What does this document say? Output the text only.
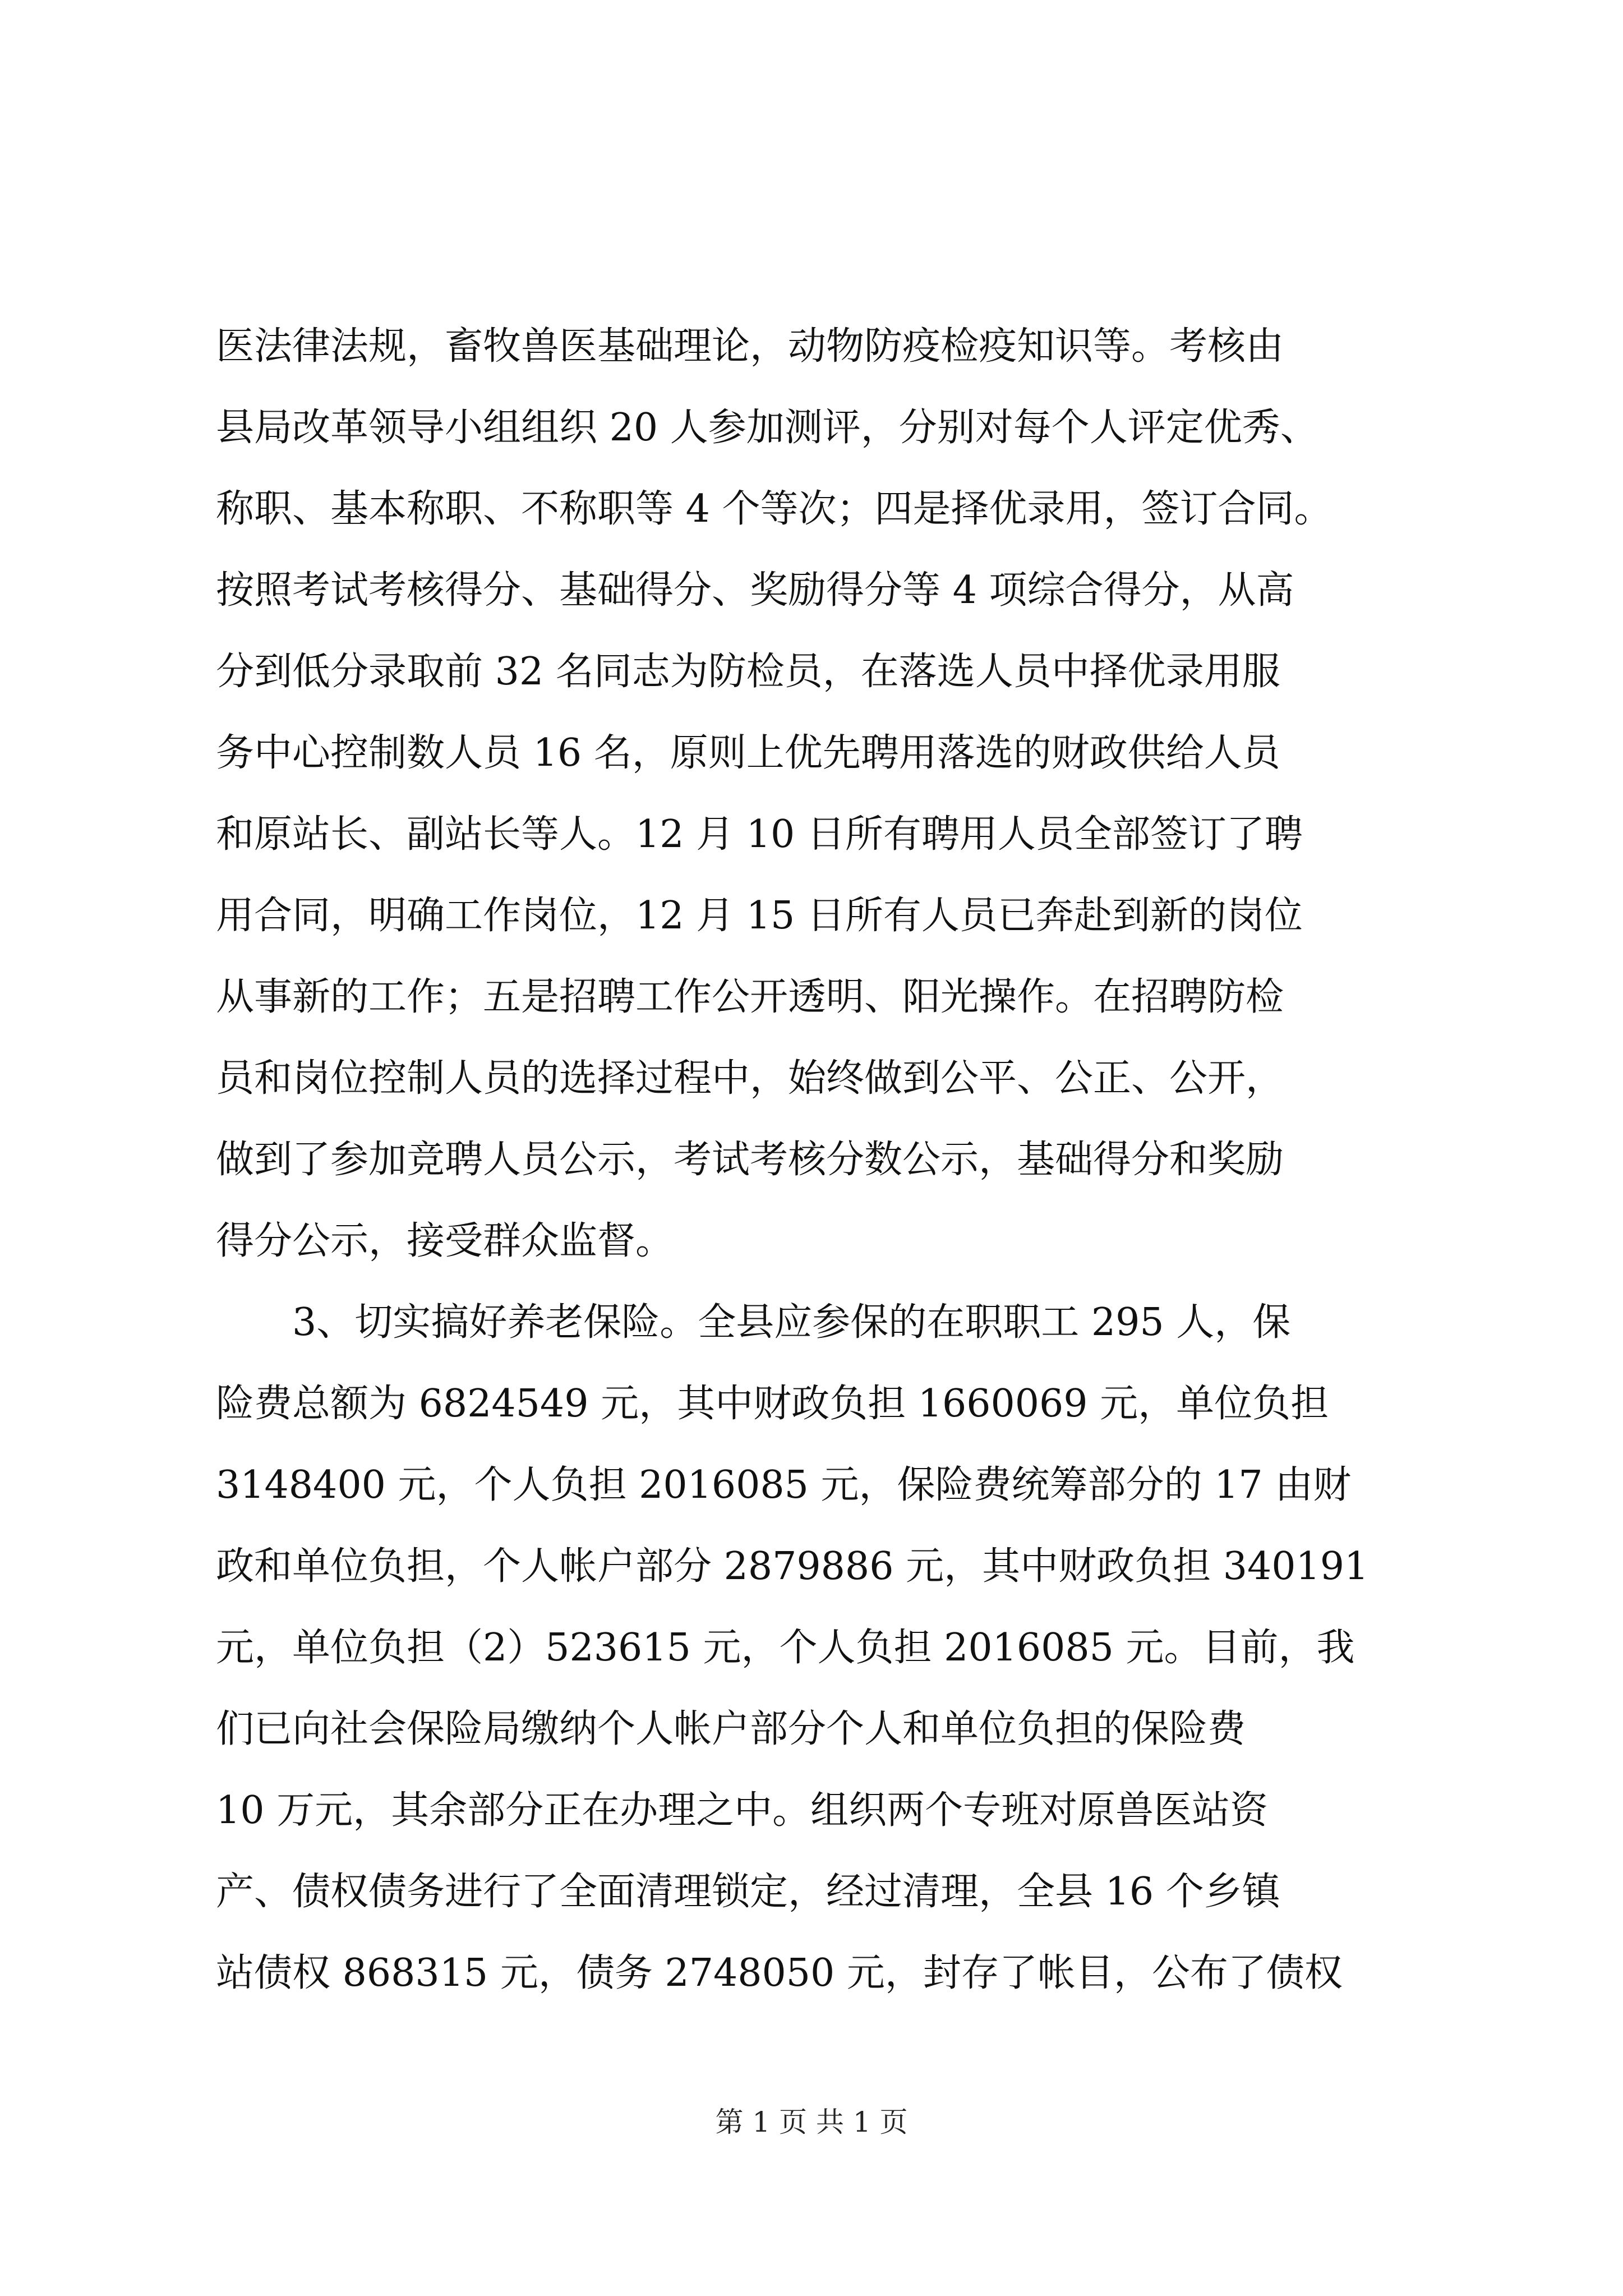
医法律法规，畜牧兽医基础理论，动物防疫检疫知识等。考核由
县局改革领导小组组织 20 人参加测评，分别对每个人评定优秀、
称职、基本称职、不称职等 4 个等次；四是择优录用，签订合同。
按照考试考核得分、基础得分、奖励得分等 4 项综合得分，从高
分到低分录取前 32 名同志为防检员，在落选人员中择优录用服
务中心控制数人员 16 名，原则上优先聘用落选的财政供给人员
和原站长、副站长等人。12 月 10 日所有聘用人员全部签订了聘
用合同，明确工作岗位，12 月 15 日所有人员已奔赴到新的岗位
从事新的工作；五是招聘工作公开透明、阳光操作。在招聘防检
员和岗位控制人员的选择过程中，始终做到公平、公正、公开，
做到了参加竞聘人员公示，考试考核分数公示，基础得分和奖励
得分公示，接受群众监督。
3、切实搞好养老保险。全县应参保的在职职工 295 人，保
险费总额为 6824549 元，其中财政负担 1660069 元，单位负担
3148400 元，个人负担 2016085 元，保险费统筹部分的 17 由财
政和单位负担，个人帐户部分 2879886 元，其中财政负担 340191
元，单位负担（2）523615 元，个人负担 2016085 元。目前，我
们已向社会保险局缴纳个人帐户部分个人和单位负担的保险费
10 万元，其余部分正在办理之中。组织两个专班对原兽医站资
产、债权债务进行了全面清理锁定，经过清理，全县 16 个乡镇
站债权 868315 元，债务 2748050 元，封存了帐目，公布了债权
第 1 页 共 1 页
